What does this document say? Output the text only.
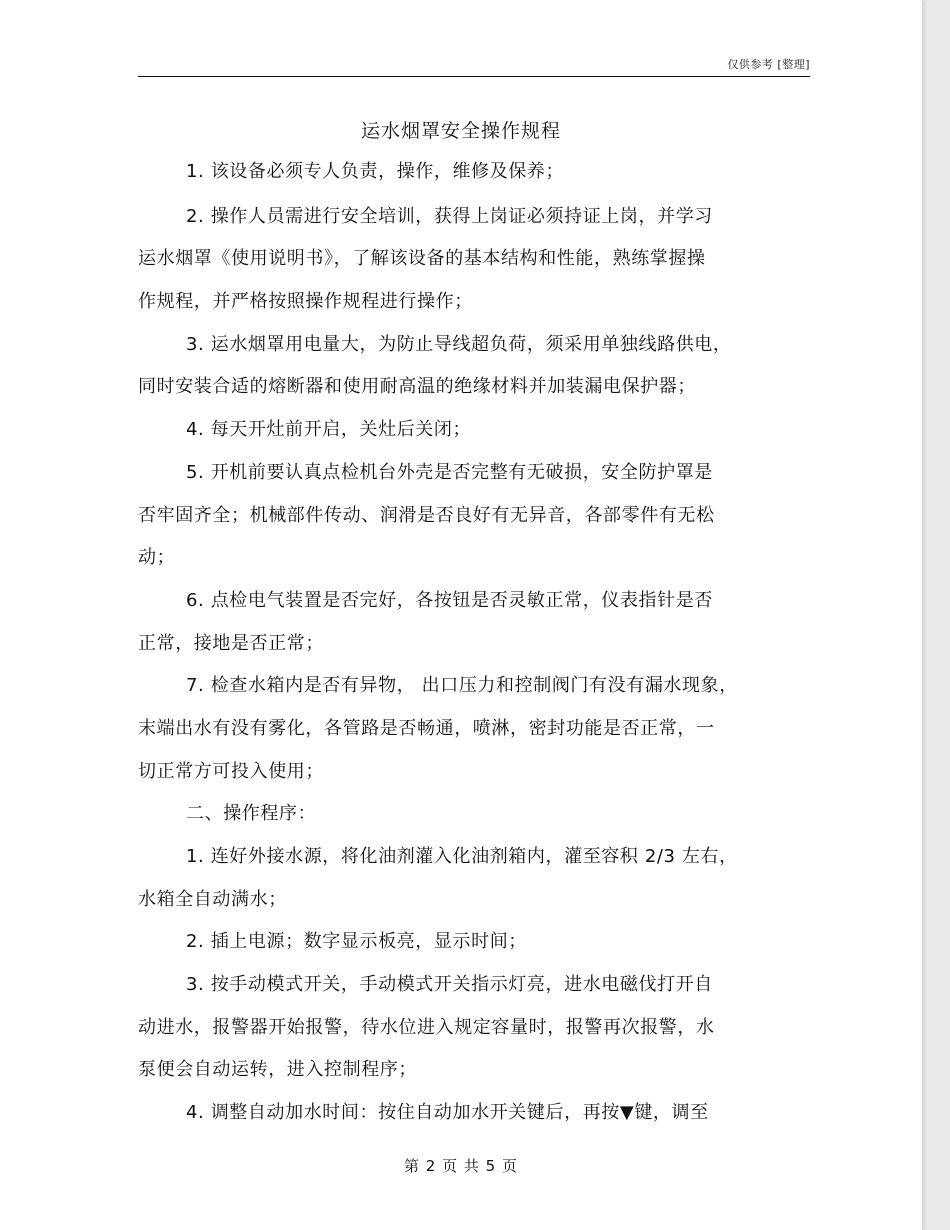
仅供参考 [整理]
运水烟罩安全操作规程
1. 该设备必须专人负责，操作，维修及保养；
2. 操作人员需进行安全培训，获得上岗证必须持证上岗，并学习
运水烟罩《使用说明书》，了解该设备的基本结构和性能，熟练掌握操
作规程，并严格按照操作规程进行操作；
3. 运水烟罩用电量大，为防止导线超负荷，须采用单独线路供电，
同时安装合适的熔断器和使用耐高温的绝缘材料并加装漏电保护器；
4. 每天开灶前开启，关灶后关闭；
5. 开机前要认真点检机台外壳是否完整有无破损，安全防护罩是
否牢固齐全；机械部件传动、润滑是否良好有无异音，各部零件有无松
动；
6. 点检电气装置是否完好，各按钮是否灵敏正常，仪表指针是否
正常，接地是否正常；
7. 检查水箱内是否有异物， 出口压力和控制阀门有没有漏水现象，
末端出水有没有雾化，各管路是否畅通，喷淋，密封功能是否正常，一
切正常方可投入使用；
二、操作程序：
1. 连好外接水源，将化油剂灌入化油剂箱内，灌至容积 2/3 左右，
水箱全自动满水；
2. 插上电源；数字显示板亮，显示时间；
3. 按手动模式开关，手动模式开关指示灯亮，进水电磁伐打开自
动进水，报警器开始报警，待水位进入规定容量时，报警再次报警，水
泵便会自动运转，进入控制程序；
4. 调整自动加水时间：按住自动加水开关键后，再按▼键，调至
第 2 页 共 5 页
